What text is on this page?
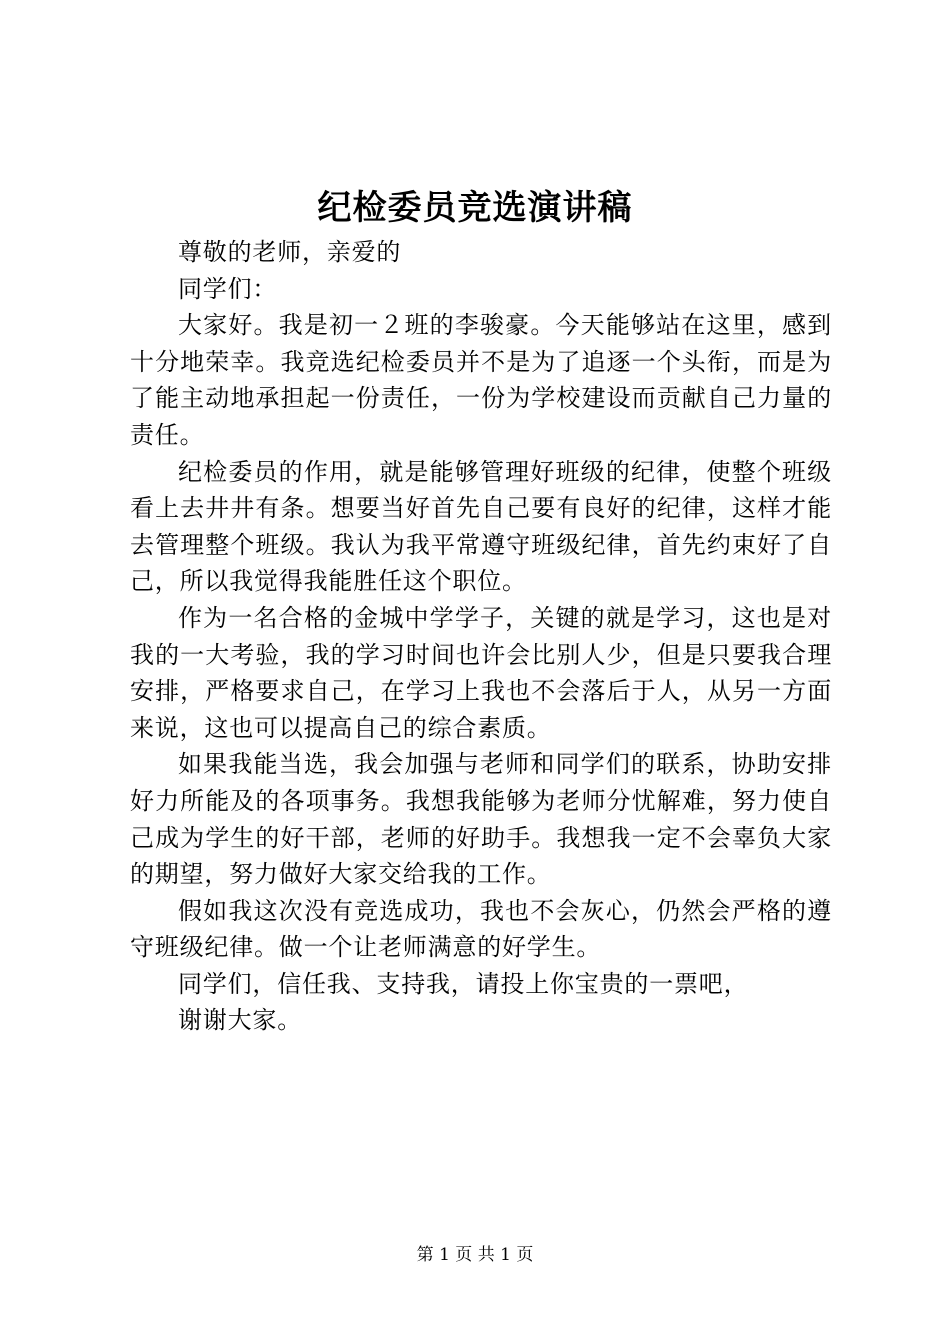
纪检委员竞选演讲稿

尊敬的老师，亲爱的

同学们：

大家好。我是初一２班的李骏豪。今天能够站在这里，感到十分地荣幸。我竞选纪检委员并不是为了追逐一个头衔，而是为了能主动地承担起一份责任，一份为学校建设而贡献自己力量的责任。

纪检委员的作用，就是能够管理好班级的纪律，使整个班级看上去井井有条。想要当好首先自己要有良好的纪律，这样才能去管理整个班级。我认为我平常遵守班级纪律，首先约束好了自己，所以我觉得我能胜任这个职位。

作为一名合格的金城中学学子，关键的就是学习，这也是对我的一大考验，我的学习时间也许会比别人少，但是只要我合理安排，严格要求自己，在学习上我也不会落后于人，从另一方面来说，这也可以提高自己的综合素质。

如果我能当选，我会加强与老师和同学们的联系，协助安排好力所能及的各项事务。我想我能够为老师分忧解难，努力使自己成为学生的好干部，老师的好助手。我想我一定不会辜负大家的期望，努力做好大家交给我的工作。

假如我这次没有竞选成功，我也不会灰心，仍然会严格的遵守班级纪律。做一个让老师满意的好学生。

同学们，信任我、支持我，请投上你宝贵的一票吧，

谢谢大家。

第 1 页 共 1 页
